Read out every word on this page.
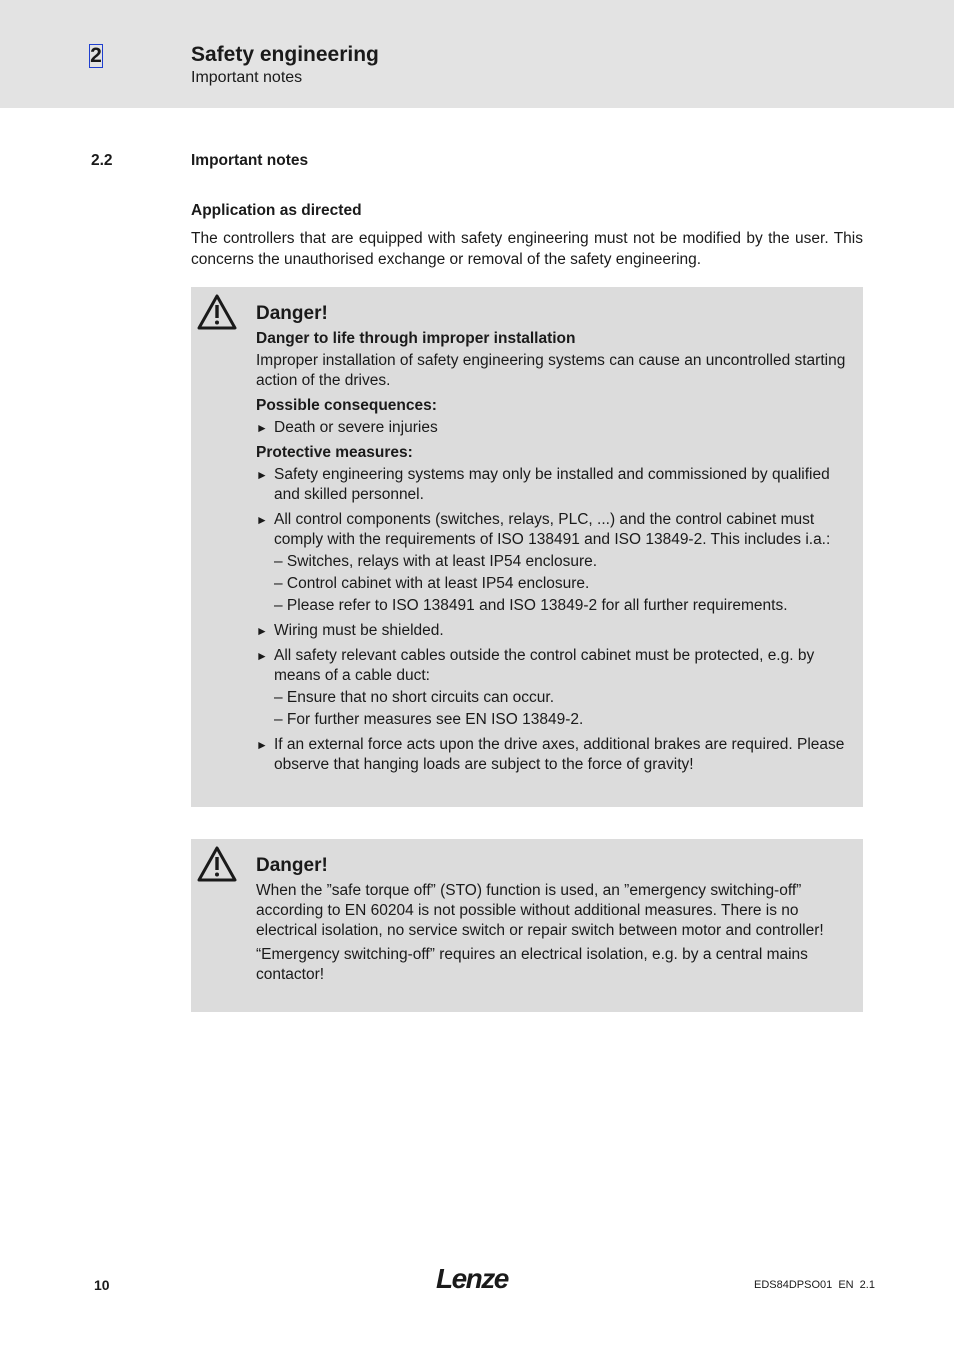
2	Safety engineering
Important notes
2.2	Important notes
Application as directed

The controllers that are equipped with safety engineering must not be modified by the user. This concerns the unauthorised exchange or removal of the safety engineering.

Danger!
Danger to life through improper installation
Improper installation of safety engineering systems can cause an uncontrolled starting action of the drives.
Possible consequences:
► Death or severe injuries
Protective measures:
► Safety engineering systems may only be installed and commissioned by qualified and skilled personnel.
► All control components (switches, relays, PLC, ...) and the control cabinet must comply with the requirements of ISO 138491 and ISO 13849-2. This includes i.a.:
– Switches, relays with at least IP54 enclosure.
– Control cabinet with at least IP54 enclosure.
– Please refer to ISO 138491 and ISO 13849-2 for all further requirements.
► Wiring must be shielded.
► All safety relevant cables outside the control cabinet must be protected, e.g. by means of a cable duct:
– Ensure that no short circuits can occur.
– For further measures see EN ISO 13849-2.
► If an external force acts upon the drive axes, additional brakes are required. Please observe that hanging loads are subject to the force of gravity!
Danger!
When the ”safe torque off” (STO) function is used, an ”emergency switching-off” according to EN 60204 is not possible without additional measures. There is no electrical isolation, no service switch or repair switch between motor and controller!
“Emergency switching-off” requires an electrical isolation, e.g. by a central mains contactor!
10	Lenze	EDS84DPSO01 EN 2.1
